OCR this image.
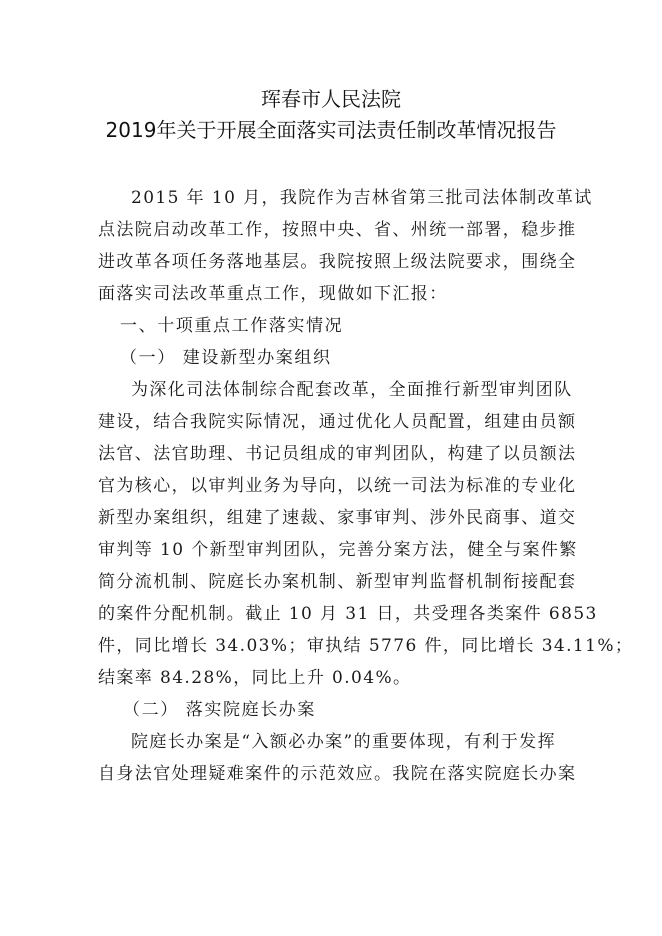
珲春市人民法院
2019年关于开展全面落实司法责任制改革情况报告
2015 年 10 月，我院作为吉林省第三批司法体制改革试
点法院启动改革工作，按照中央、省、州统一部署，稳步推
进改革各项任务落地基层。我院按照上级法院要求，围绕全
面落实司法改革重点工作，现做如下汇报：
一、十项重点工作落实情况
（一） 建设新型办案组织
为深化司法体制综合配套改革，全面推行新型审判团队
建设，结合我院实际情况，通过优化人员配置，组建由员额
法官、法官助理、书记员组成的审判团队，构建了以员额法
官为核心，以审判业务为导向，以统一司法为标准的专业化
新型办案组织，组建了速裁、家事审判、涉外民商事、道交
审判等 10 个新型审判团队，完善分案方法，健全与案件繁
简分流机制、院庭长办案机制、新型审判监督机制衔接配套
的案件分配机制。截止 10 月 31 日，共受理各类案件 6853
件，同比增长 34.03%；审执结 5776 件，同比增长 34.11%；
结案率 84.28%，同比上升 0.04%。
（二） 落实院庭长办案
院庭长办案是“入额必办案”的重要体现，有利于发挥
自身法官处理疑难案件的示范效应。我院在落实院庭长办案
